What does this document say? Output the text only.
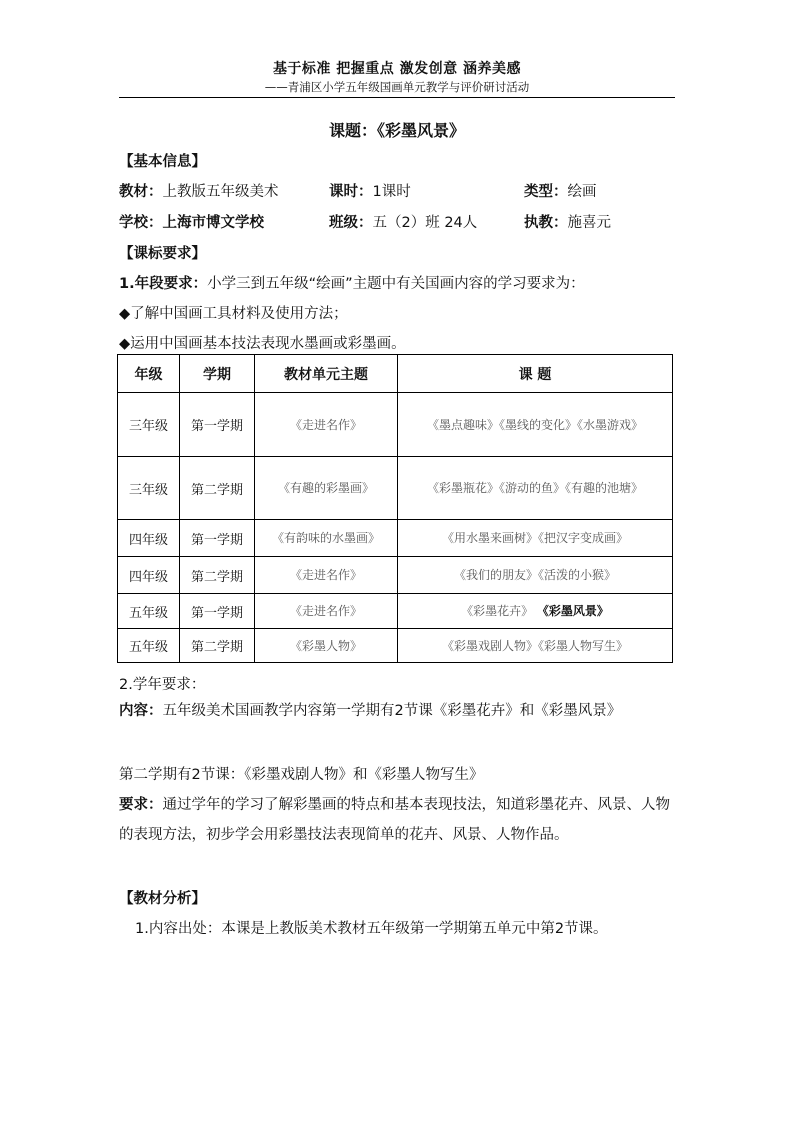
基于标准 把握重点 激发创意 涵养美感
——青浦区小学五年级国画单元教学与评价研讨活动
课题：《彩墨风景》
【基本信息】
教材：上教版五年级美术	课时：1课时	类型：绘画
学校：上海市博文学校	班级：五（2）班 24人	执教：施喜元
【课标要求】
1.年段要求：小学三到五年级“绘画”主题中有关国画内容的学习要求为：
◆了解中国画工具材料及使用方法；
◆运用中国画基本技法表现水墨画或彩墨画。
年级	学期	教材单元主题	课 题
三年级	第一学期	《走进名作》	《墨点趣味》《墨线的变化》《水墨游戏》
三年级	第二学期	《有趣的彩墨画》	《彩墨瓶花》《游动的鱼》《有趣的池塘》
四年级	第一学期	《有韵味的水墨画》	《用水墨来画树》《把汉字变成画》
四年级	第二学期	《走进名作》	《我们的朋友》《活泼的小猴》
五年级	第一学期	《走进名作》	《彩墨花卉》 《彩墨风景》
五年级	第二学期	《彩墨人物》	《彩墨戏剧人物》《彩墨人物写生》
2.学年要求：
内容：五年级美术国画教学内容第一学期有2节课《彩墨花卉》和《彩墨风景》
第二学期有2节课：《彩墨戏剧人物》和《彩墨人物写生》
要求：通过学年的学习了解彩墨画的特点和基本表现技法，知道彩墨花卉、风景、人物的表现方法，初步学会用彩墨技法表现简单的花卉、风景、人物作品。
【教材分析】
1.内容出处：本课是上教版美术教材五年级第一学期第五单元中第2节课。
